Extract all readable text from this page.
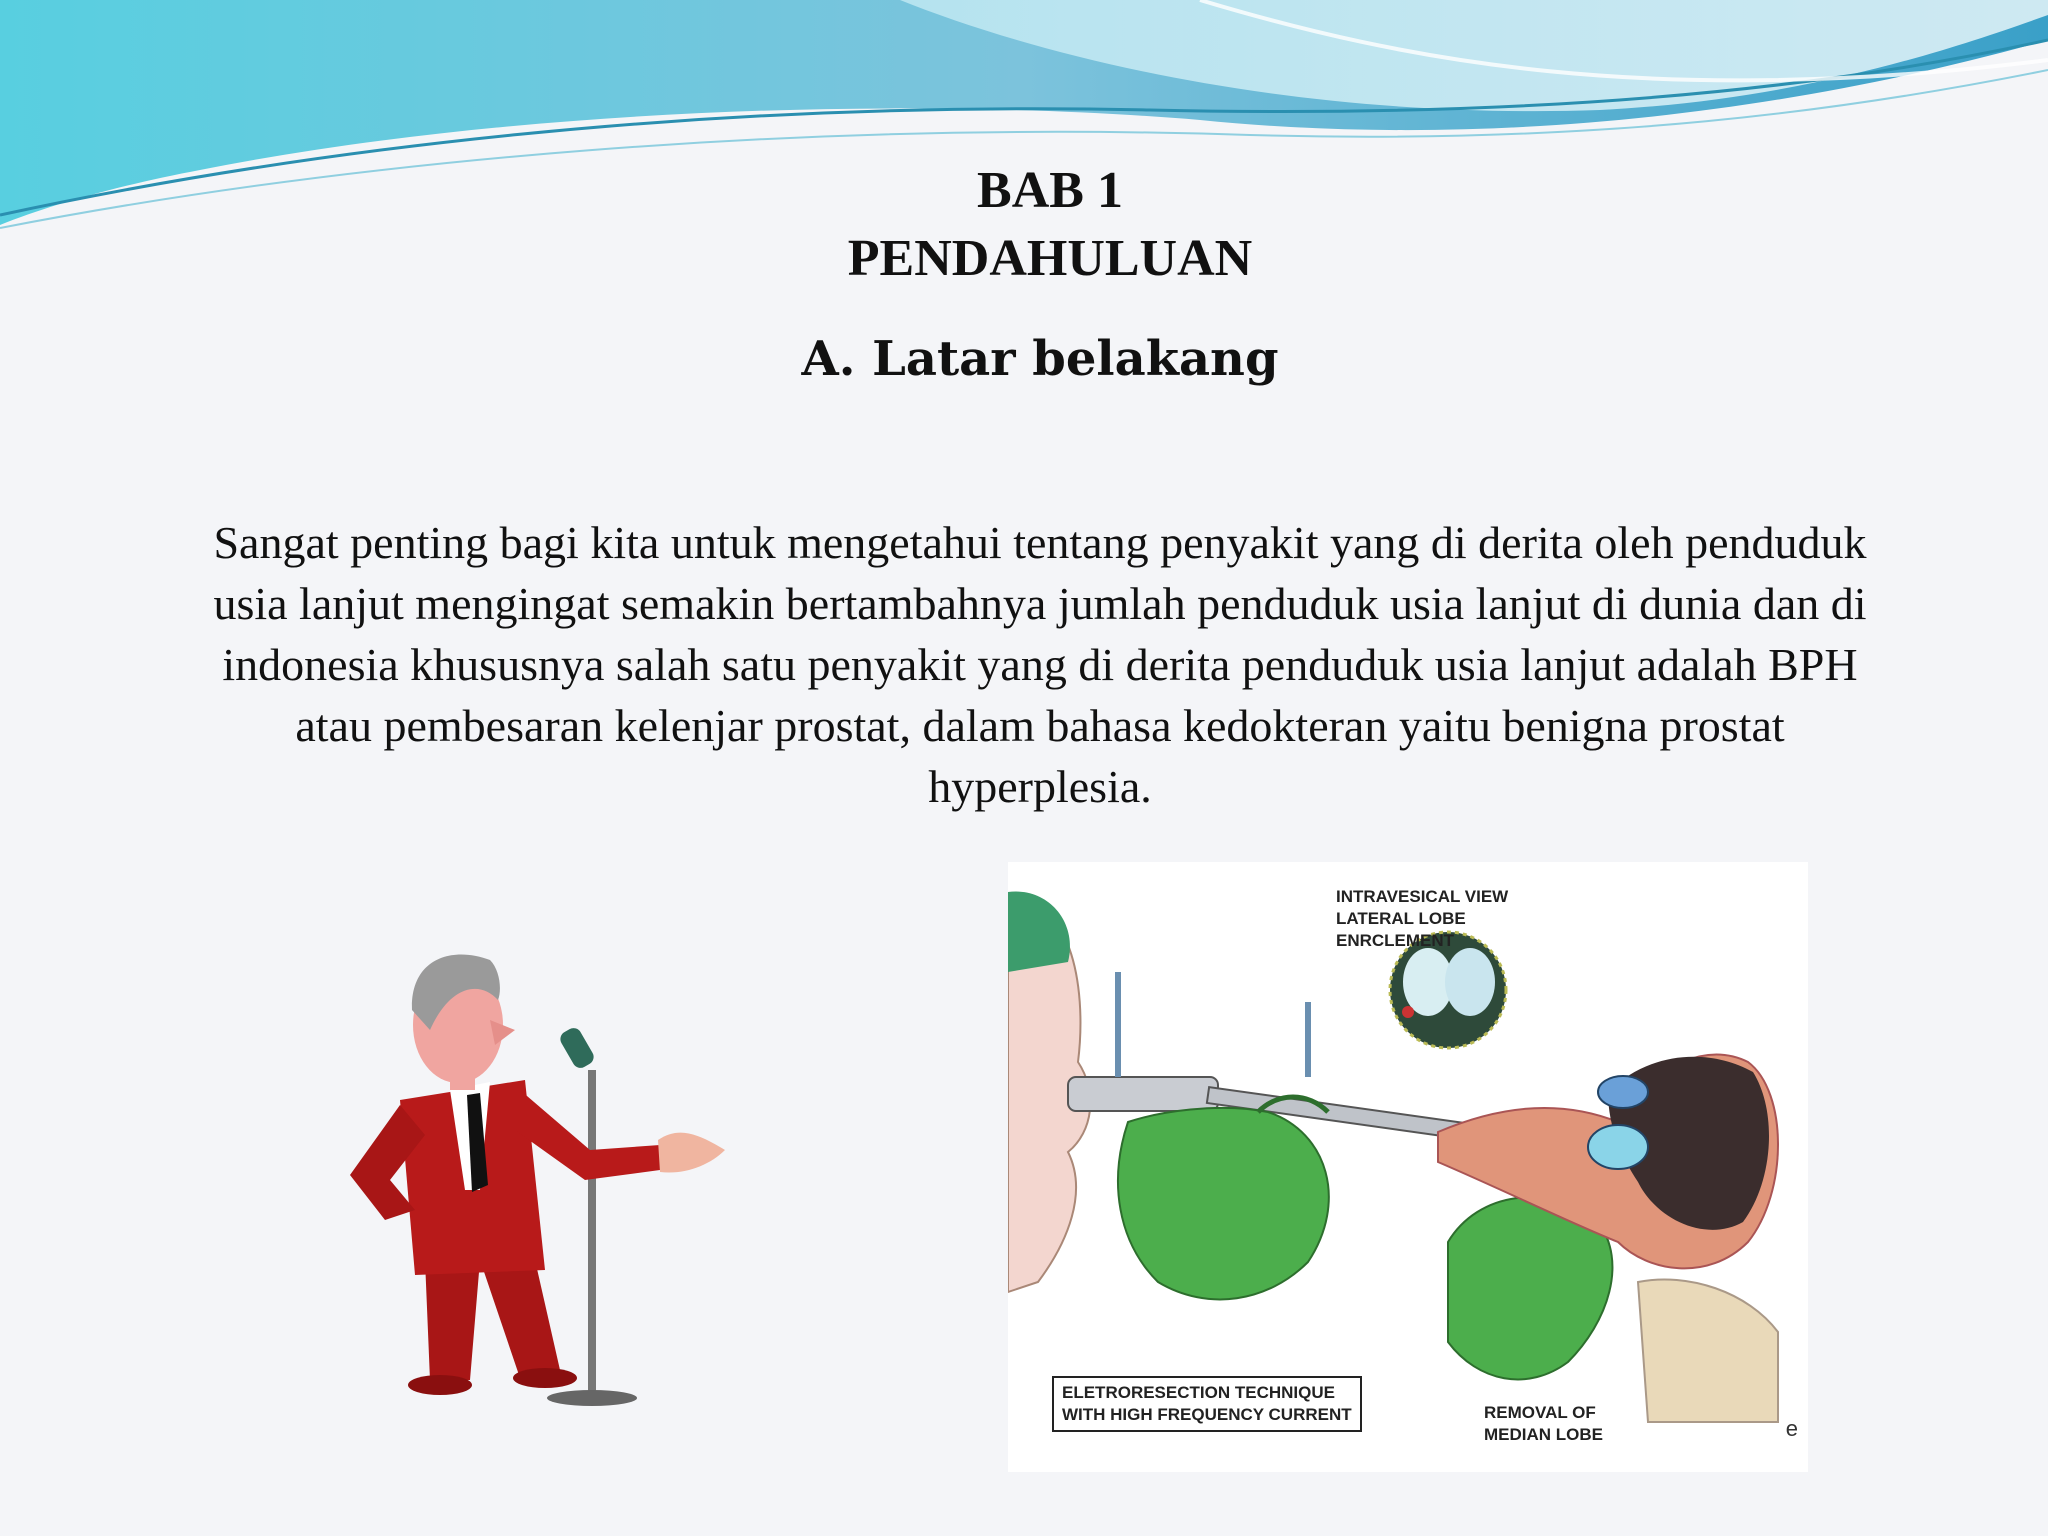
BAB 1
PENDAHULUAN
A. Latar belakang

Sangat penting bagi kita untuk mengetahui tentang penyakit yang di derita oleh penduduk usia lanjut mengingat semakin bertambahnya jumlah penduduk usia lanjut di dunia dan di indonesia khususnya salah satu penyakit yang di derita penduduk usia lanjut adalah BPH atau pembesaran kelenjar prostat, dalam bahasa kedokteran yaitu benigna prostat hyperplesia.

INTRAVESICAL VIEW
LATERAL LOBE
ENRCLEMENT
ELETRORESECTION TECHNIQUE
WITH HIGH FREQUENCY CURRENT	REMOVAL OF
MEDIAN LOBE	e
